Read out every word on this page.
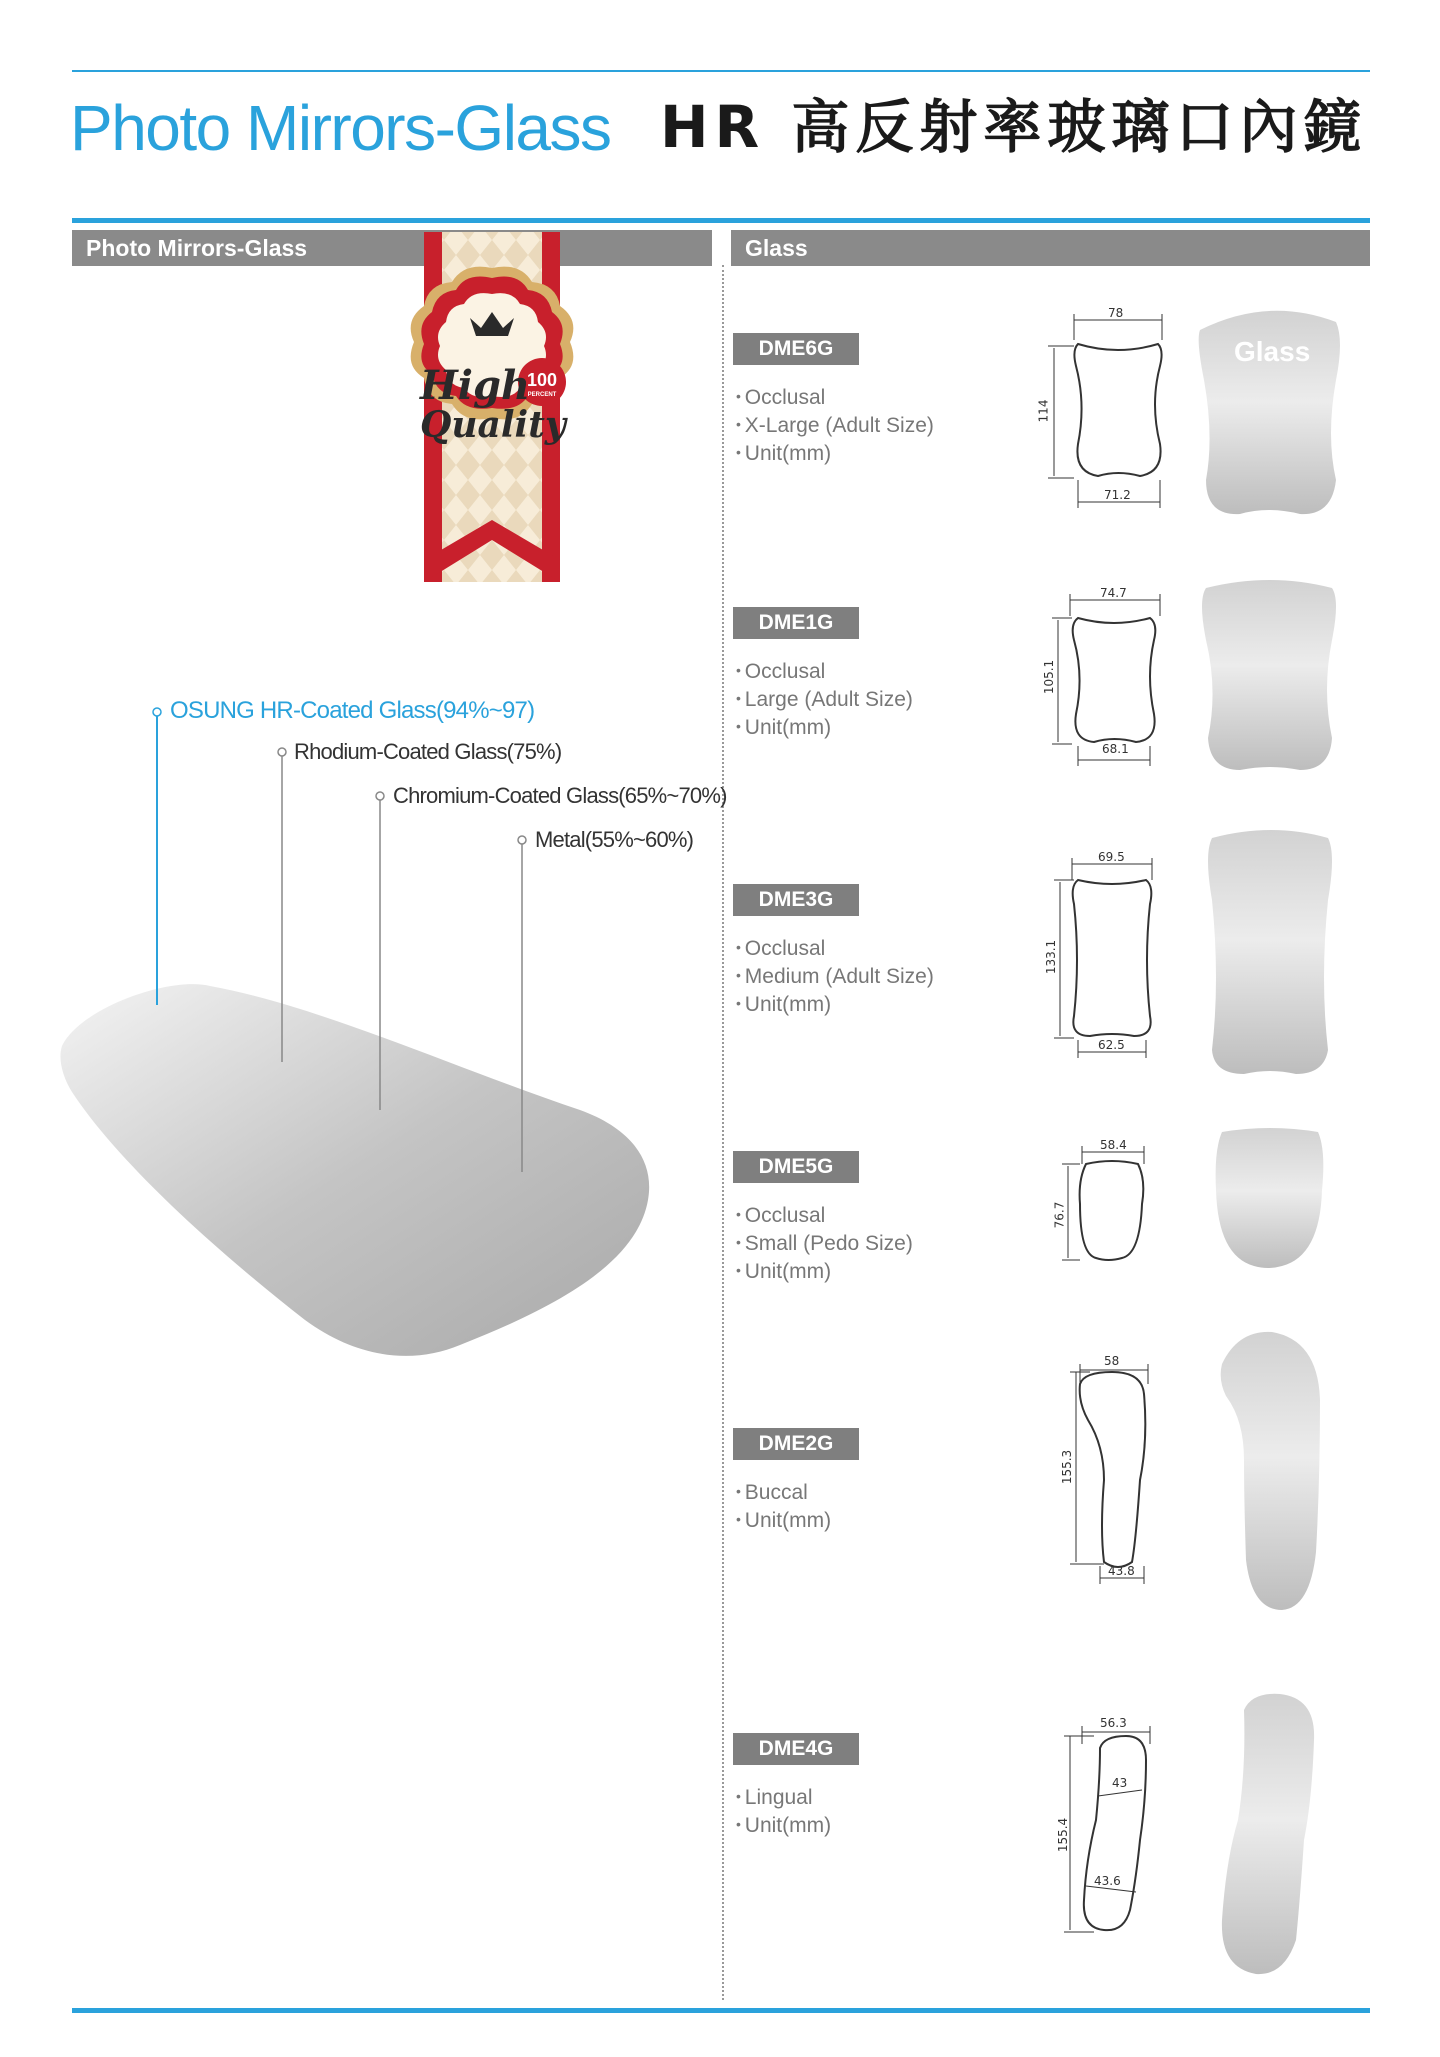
Photo Mirrors-Glass HR 高反射率玻璃口內鏡
Photo Mirrors-Glass	Glass
High
Quality
100
PERCENT
OSUNG HR-Coated Glass(94%~97)
Rhodium-Coated Glass(75%)
Chromium-Coated Glass(65%~70%)
Metal(55%~60%)
Glass
DME6G
• Occlusal
• X-Large (Adult Size)
• Unit(mm)
78
114
71.2
DME1G
• Occlusal
• Large (Adult Size)
• Unit(mm)
74.7
105.1
68.1
DME3G
• Occlusal
• Medium (Adult Size)
• Unit(mm)
69.5
133.1
62.5
DME5G
• Occlusal
• Small (Pedo Size)
• Unit(mm)
58.4
76.7
DME2G
• Buccal
• Unit(mm)
58
155.3
43.8
DME4G
• Lingual
• Unit(mm)
56.3
155.4
43
43.6
